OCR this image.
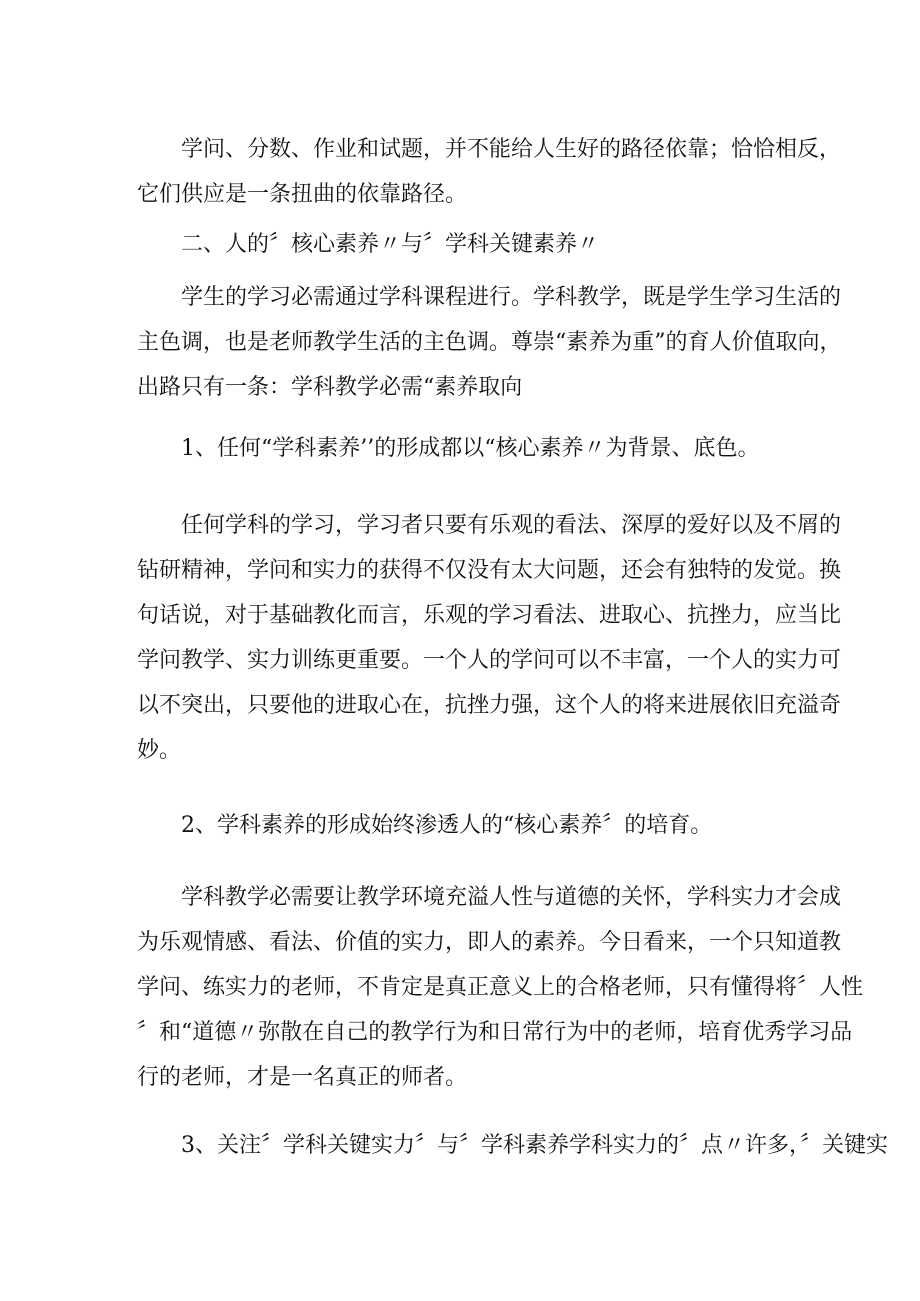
学问、分数、作业和试题，并不能给人生好的路径依靠；恰恰相反，
它们供应是一条扭曲的依靠路径。
二、人的〞核心素养〃与〞学科关键素养〃
学生的学习必需通过学科课程进行。学科教学，既是学生学习生活的
主色调，也是老师教学生活的主色调。尊崇“素养为重”的育人价值取向，
出路只有一条：学科教学必需“素养取向
1、任何“学科素养’’的形成都以“核心素养〃为背景、底色。
任何学科的学习，学习者只要有乐观的看法、深厚的爱好以及不屑的
钻研精神，学问和实力的获得不仅没有太大问题，还会有独特的发觉。换
句话说，对于基础教化而言，乐观的学习看法、进取心、抗挫力，应当比
学问教学、实力训练更重要。一个人的学问可以不丰富，一个人的实力可
以不突出，只要他的进取心在，抗挫力强，这个人的将来进展依旧充溢奇
妙。
2、学科素养的形成始终渗透人的“核心素养〞的培育。
学科教学必需要让教学环境充溢人性与道德的关怀，学科实力才会成
为乐观情感、看法、价值的实力，即人的素养。今日看来，一个只知道教
学问、练实力的老师，不肯定是真正意义上的合格老师，只有懂得将〞人性
〞和“道德〃弥散在自己的教学行为和日常行为中的老师，培育优秀学习品
行的老师，才是一名真正的师者。
3、关注〞学科关键实力〞与〞学科素养学科实力的〞点〃许多，〞关键实
